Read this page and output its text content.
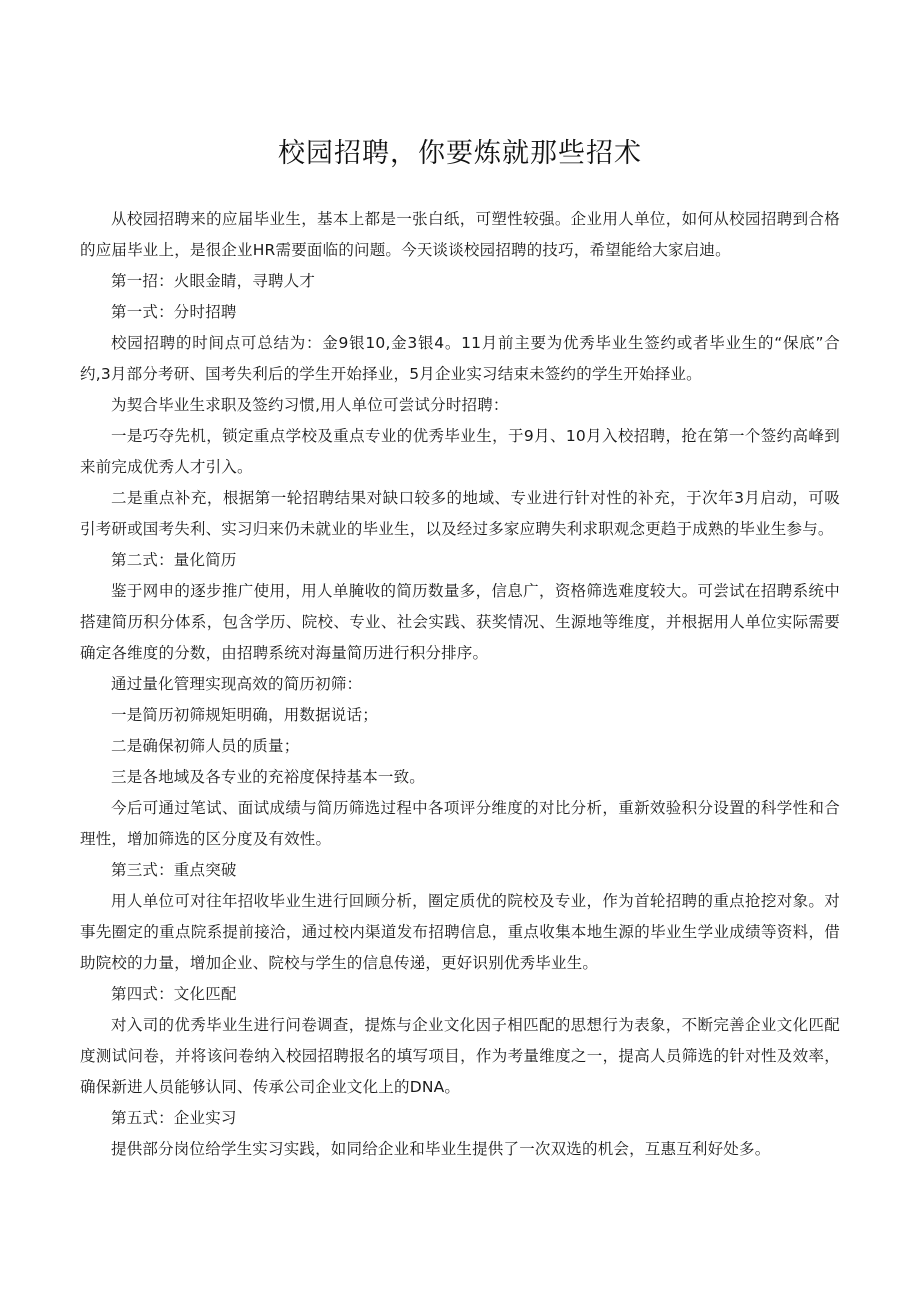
校园招聘，你要炼就那些招术

从校园招聘来的应届毕业生，基本上都是一张白纸，可塑性较强。企业用人单位，如何从校园招聘到合格的应届毕业上，是很企业HR需要面临的问题。今天谈谈校园招聘的技巧，希望能给大家启迪。

第一招：火眼金睛，寻聘人才

第一式：分时招聘

校园招聘的时间点可总结为：金9银10,金3银4。11月前主要为优秀毕业生签约或者毕业生的“保底”合约,3月部分考研、国考失利后的学生开始择业，5月企业实习结束未签约的学生开始择业。

为契合毕业生求职及签约习惯,用人单位可尝试分时招聘：

一是巧夺先机，锁定重点学校及重点专业的优秀毕业生，于9月、10月入校招聘，抢在第一个签约高峰到来前完成优秀人才引入。

二是重点补充，根据第一轮招聘结果对缺口较多的地域、专业进行针对性的补充，于次年3月启动，可吸引考研或国考失利、实习归来仍未就业的毕业生，以及经过多家应聘失利求职观念更趋于成熟的毕业生参与。

第二式：量化简历

鉴于网申的逐步推广使用，用人单腌收的简历数量多，信息广，资格筛选难度较大。可尝试在招聘系统中搭建简历积分体系，包含学历、院校、专业、社会实践、获奖情况、生源地等维度，并根据用人单位实际需要确定各维度的分数，由招聘系统对海量简历进行积分排序。

通过量化管理实现高效的简历初筛：

一是简历初筛规矩明确，用数据说话；

二是确保初筛人员的质量；

三是各地域及各专业的充裕度保持基本一致。

今后可通过笔试、面试成绩与简历筛选过程中各项评分维度的对比分析，重新效验积分设置的科学性和合理性，增加筛选的区分度及有效性。

第三式：重点突破

用人单位可对往年招收毕业生进行回顾分析，圈定质优的院校及专业，作为首轮招聘的重点抢挖对象。对事先圈定的重点院系提前接洽，通过校内渠道发布招聘信息，重点收集本地生源的毕业生学业成绩等资料，借助院校的力量，增加企业、院校与学生的信息传递，更好识别优秀毕业生。

第四式：文化匹配

对入司的优秀毕业生进行问卷调查，提炼与企业文化因子相匹配的思想行为表象，不断完善企业文化匹配度测试问卷，并将该问卷纳入校园招聘报名的填写项目，作为考量维度之一，提高人员筛选的针对性及效率，确保新进人员能够认同、传承公司企业文化上的DNA。

第五式：企业实习

提供部分岗位给学生实习实践，如同给企业和毕业生提供了一次双选的机会，互惠互利好处多。
